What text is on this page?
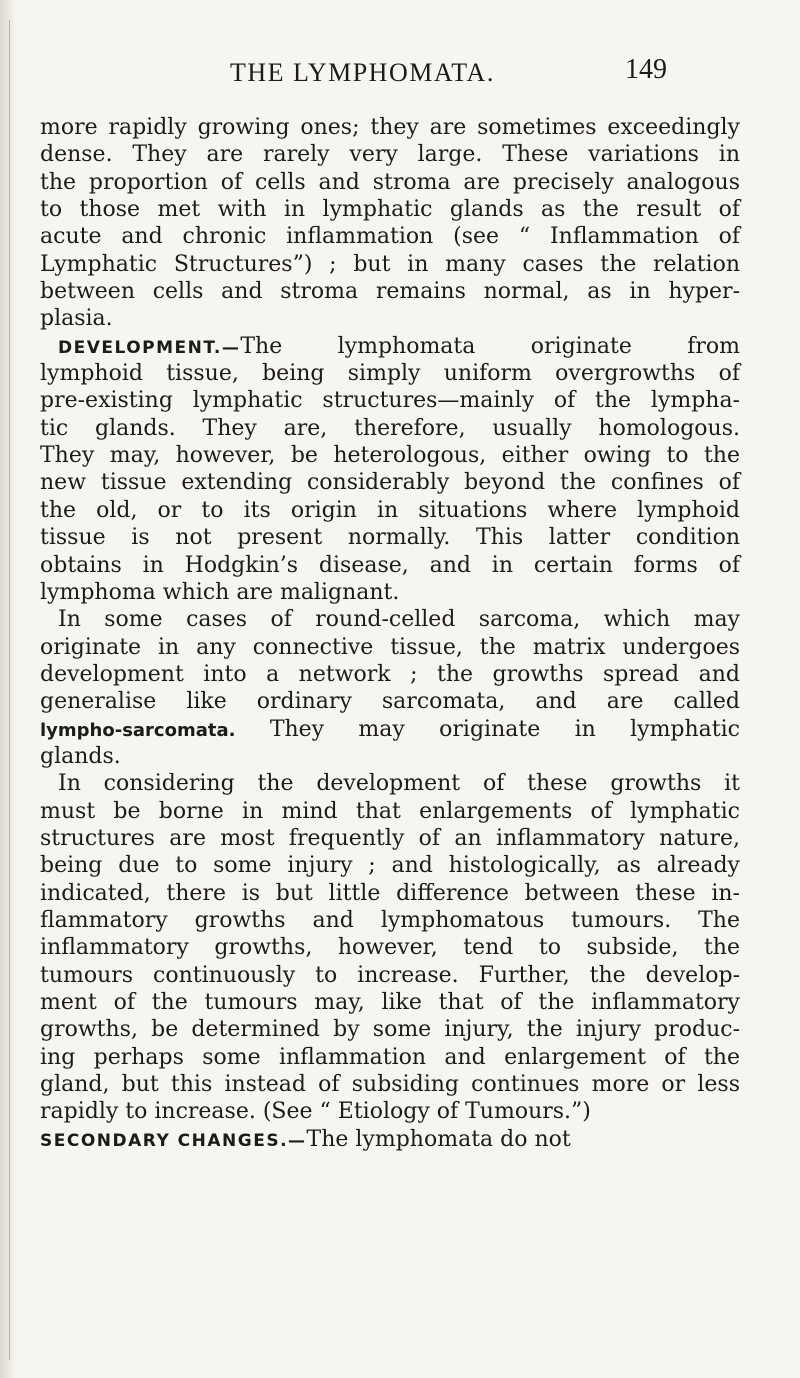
THE LYMPHOMATA.	149
more rapidly growing ones; they are sometimes exceedingly
dense. They are rarely very large. These variations in
the proportion of cells and stroma are precisely analogous
to those met with in lymphatic glands as the result of
acute and chronic inflammation (see “ Inflammation of
Lymphatic Structures”) ; but in many cases the relation
between cells and stroma remains normal, as in hyper-
plasia.
DEVELOPMENT.—The lymphomata originate from
lymphoid tissue, being simply uniform overgrowths of
pre-existing lymphatic structures—mainly of the lympha-
tic glands. They are, therefore, usually homologous.
They may, however, be heterologous, either owing to the
new tissue extending considerably beyond the confines of
the old, or to its origin in situations where lymphoid
tissue is not present normally. This latter condition
obtains in Hodgkin’s disease, and in certain forms of
lymphoma which are malignant.
In some cases of round-celled sarcoma, which may
originate in any connective tissue, the matrix undergoes
development into a network ; the growths spread and
generalise like ordinary sarcomata, and are called
lympho-sarcomata. They may originate in lymphatic
glands.
In considering the development of these growths it
must be borne in mind that enlargements of lymphatic
structures are most frequently of an inflammatory nature,
being due to some injury ; and histologically, as already
indicated, there is but little difference between these in-
flammatory growths and lymphomatous tumours. The
inflammatory growths, however, tend to subside, the
tumours continuously to increase. Further, the develop-
ment of the tumours may, like that of the inflammatory
growths, be determined by some injury, the injury produc-
ing perhaps some inflammation and enlargement of the
gland, but this instead of subsiding continues more or less
rapidly to increase. (See “ Etiology of Tumours.”)
SECONDARY CHANGES.—The lymphomata do not
